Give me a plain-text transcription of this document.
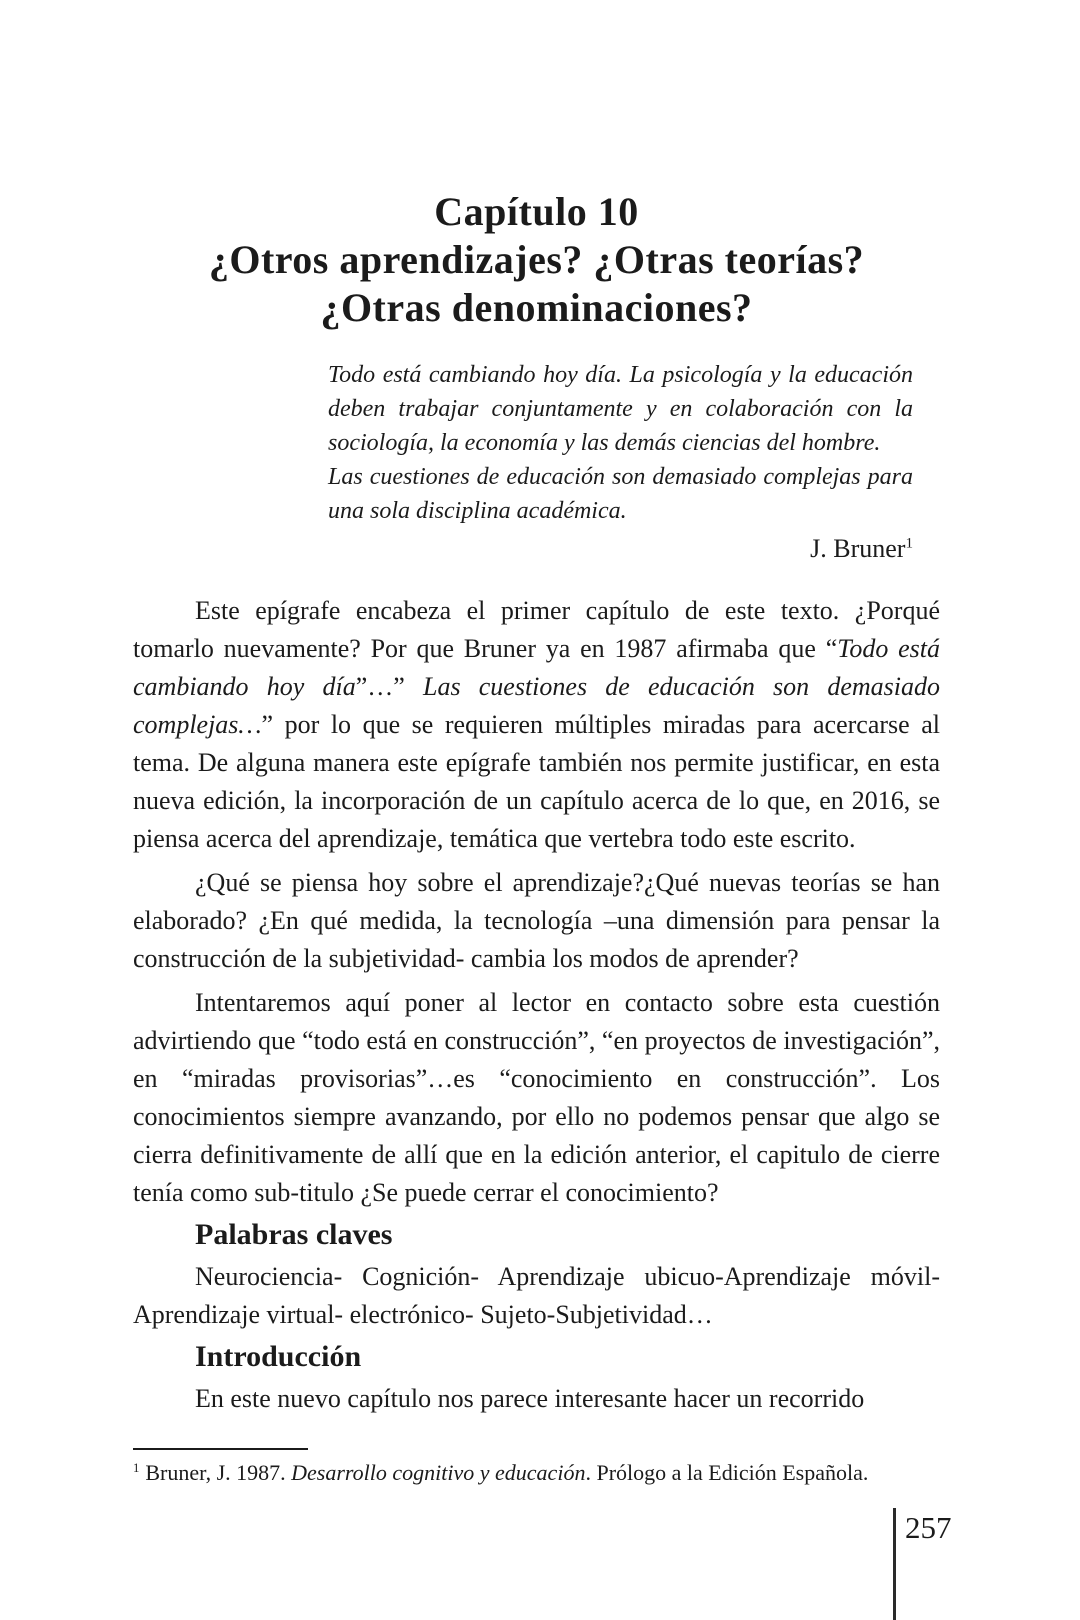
Capítulo 10
¿Otros aprendizajes? ¿Otras teorías?
¿Otras denominaciones?

Todo está cambiando hoy día. La psicología y la educación deben trabajar conjuntamente y en colaboración con la sociología, la economía y las demás ciencias del hombre.

Las cuestiones de educación son demasiado complejas para una sola disciplina académica.

J. Bruner$^1$

Este epígrafe encabeza el primer capítulo de este texto. ¿Porqué tomarlo nuevamente? Por que Bruner ya en 1987 afirmaba que “Todo está cambiando hoy día”…” Las cuestiones de educación son demasiado complejas…” por lo que se requieren múltiples miradas para acercarse al tema. De alguna manera este epígrafe también nos permite justificar, en esta nueva edición, la incorporación de un capítulo acerca de lo que, en 2016, se piensa acerca del aprendizaje, temática que vertebra todo este escrito.

¿Qué se piensa hoy sobre el aprendizaje?¿Qué nuevas teorías se han elaborado? ¿En qué medida, la tecnología –una dimensión para pensar la construcción de la subjetividad- cambia los modos de aprender?

Intentaremos aquí poner al lector en contacto sobre esta cuestión advirtiendo que “todo está en construcción”, “en proyectos de investigación”, en “miradas provisorias”…es “conocimiento en construcción”. Los conocimientos siempre avanzando, por ello no podemos pensar que algo se cierra definitivamente de allí que en la edición anterior, el capitulo de cierre tenía como sub-titulo ¿Se puede cerrar el conocimiento?

Palabras claves

Neurociencia- Cognición- Aprendizaje ubicuo-Aprendizaje móvil- Aprendizaje virtual- electrónico- Sujeto-Subjetividad…

Introducción

En este nuevo capítulo nos parece interesante hacer un recorrido

$^1$ Bruner, J. 1987. Desarrollo cognitivo y educación. Prólogo a la Edición Española.

257
